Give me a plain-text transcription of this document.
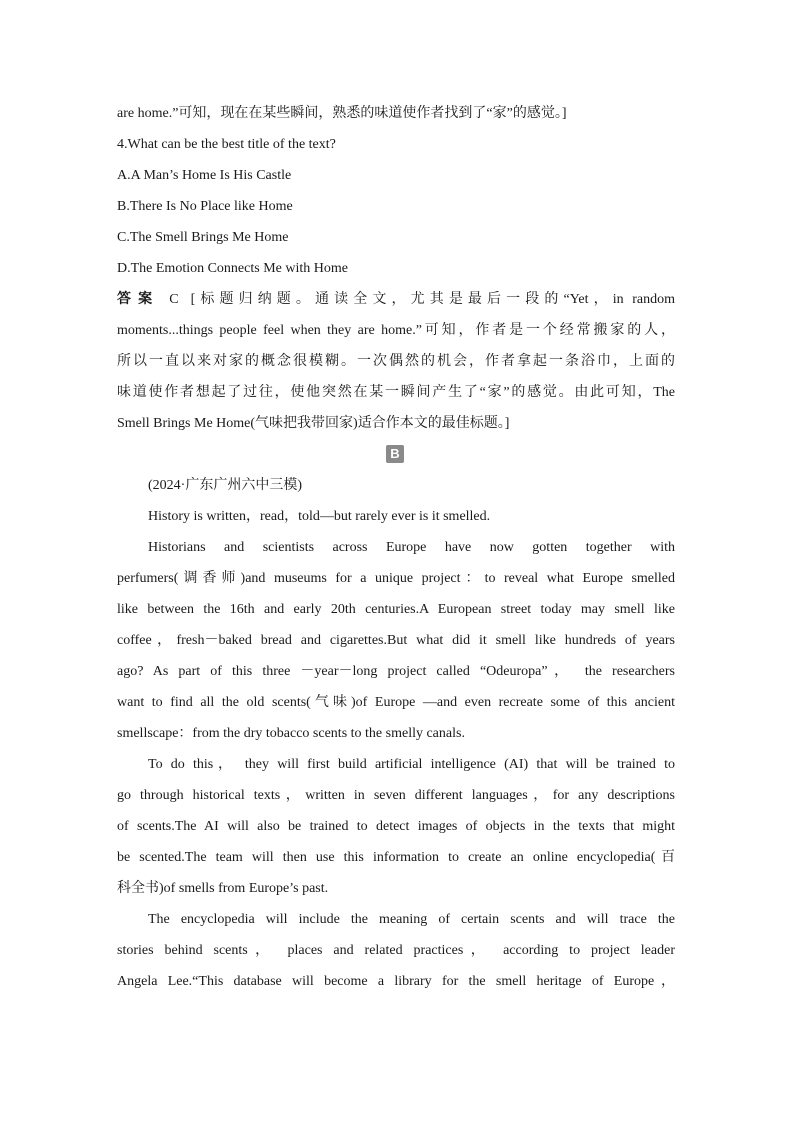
are home.”可知，现在在某些瞬间，熟悉的味道使作者找到了“家”的感觉。]
4.What can be the best title of the text?
A.A Man’s Home Is His Castle
B.There Is No Place like Home
C.The Smell Brings Me Home
D.The Emotion Connects Me with Home
答案 C [标题归纳题。通读全文，尤其是最后一段的“Yet，in random
moments...things people feel when they are home.”可知，作者是一个经常搬家的人，
所以一直以来对家的概念很模糊。一次偶然的机会，作者拿起一条浴巾，上面的
味道使作者想起了过往，使他突然在某一瞬间产生了“家”的感觉。由此可知，The
Smell Brings Me Home(气味把我带回家)适合作本文的最佳标题。]
B
(2024·广东广州六中三模)
History is written，read，told—but rarely ever is it smelled.
Historians and scientists across Europe have now gotten together with
perfumers(调香师)and museums for a unique project：to reveal what Europe smelled
like between the 16th and early 20th centuries.A European street today may smell like
coffee，fresh－baked bread and cigarettes.But what did it smell like hundreds of years
ago? As part of this three －year－long project called “Odeuropa”， the researchers
want to find all the old scents(气味)of Europe —and even recreate some of this ancient
smellscape：from the dry tobacco scents to the smelly canals.
To do this， they will first build artificial intelligence (AI) that will be trained to
go through historical texts，written in seven different languages，for any descriptions
of scents.The AI will also be trained to detect images of objects in the texts that might
be scented.The team will then use this information to create an online encyclopedia(百
科全书)of smells from Europe’s past.
The encyclopedia will include the meaning of certain scents and will trace the
stories behind scents， places and related practices， according to project leader
Angela Lee.“This database will become a library for the smell heritage of Europe，
